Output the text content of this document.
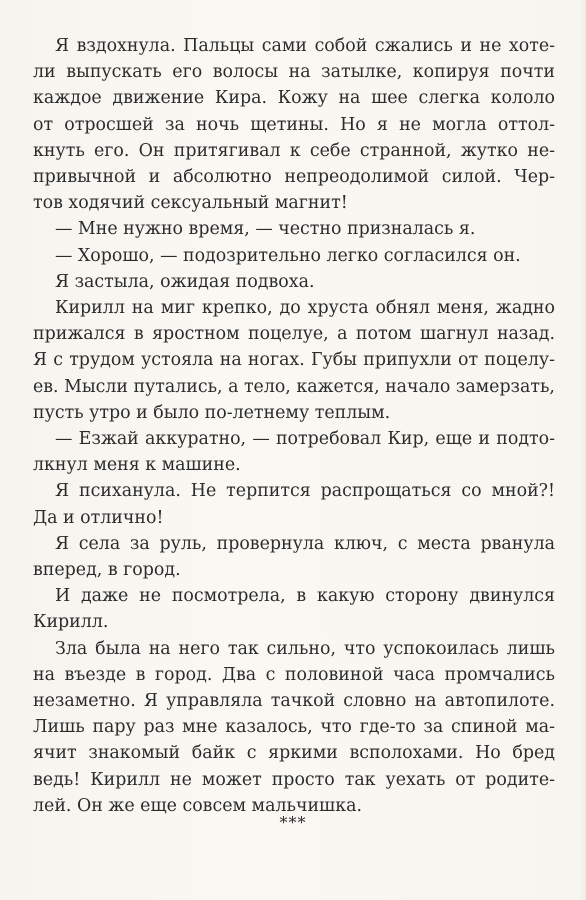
Я вздохнула. Пальцы сами собой сжались и не хоте-
ли выпускать его волосы на затылке, копируя почти
каждое движение Кира. Кожу на шее слегка кололо
от отросшей за ночь щетины. Но я не могла оттол-
кнуть его. Он притягивал к себе странной, жутко не-
привычной и абсолютно непреодолимой силой. Чер-
тов ходячий сексуальный магнит!

— Мне нужно время, — честно призналась я.

— Хорошо, — подозрительно легко согласился он.

Я застыла, ожидая подвоха.

Кирилл на миг крепко, до хруста обнял меня, жадно
прижался в яростном поцелуе, а потом шагнул назад.
Я с трудом устояла на ногах. Губы припухли от поцелу-
ев. Мысли путались, а тело, кажется, начало замерзать,
пусть утро и было по-летнему теплым.

— Езжай аккуратно, — потребовал Кир, еще и подто-
лкнул меня к машине.

Я психанула. Не терпится распрощаться со мной?!
Да и отлично!

Я села за руль, провернула ключ, с места рванула
вперед, в город.

И даже не посмотрела, в какую сторону двинулся
Кирилл.

Зла была на него так сильно, что успокоилась лишь
на въезде в город. Два с половиной часа промчались
незаметно. Я управляла тачкой словно на автопилоте.
Лишь пару раз мне казалось, что где-то за спиной ма-
ячит знакомый байк с яркими всполохами. Но бред
ведь! Кирилл не может просто так уехать от родите-
лей. Он же еще совсем мальчишка.

***
